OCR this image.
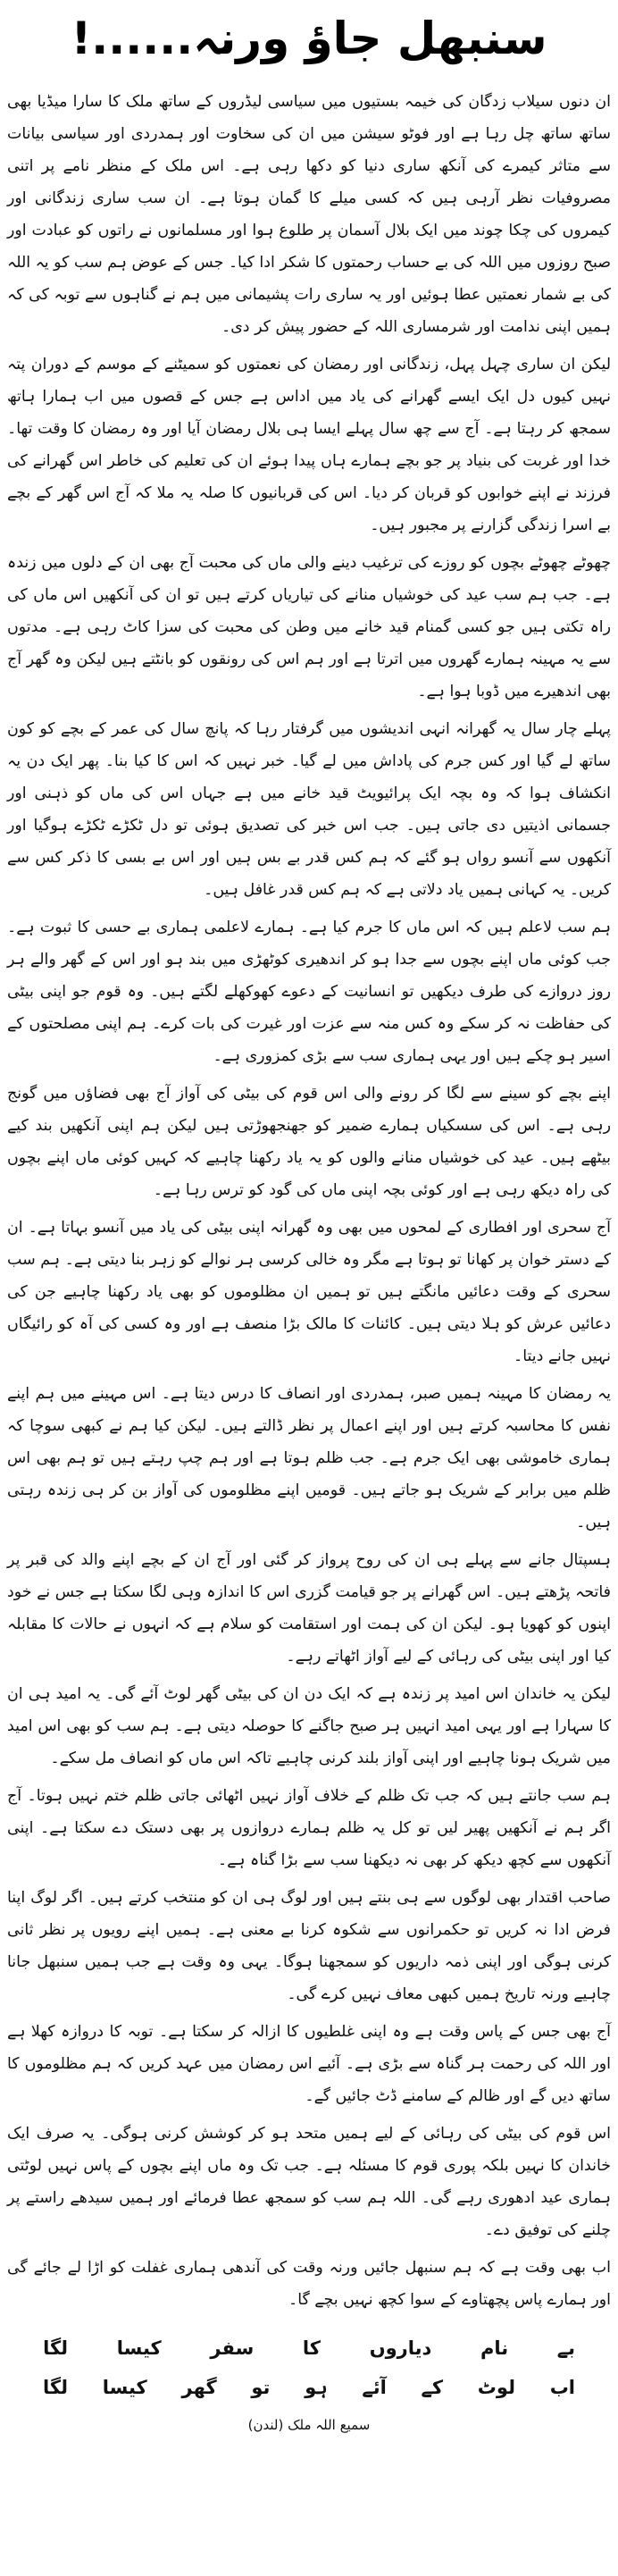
سنبھل جاؤ ورنہ......!

ان دنوں سیلاب زدگان کی خیمہ بستیوں میں سیاسی لیڈروں کے ساتھ ملک کا سارا میڈیا بھی ساتھ ساتھ چل رہا ہے اور فوٹو سیشن میں ان کی سخاوت اور ہمدردی اور سیاسی بیانات سے متاثر کیمرے کی آنکھ ساری دنیا کو دکھا رہی ہے۔ اس ملک کے منظر نامے پر اتنی مصروفیات نظر آرہی ہیں کہ کسی میلے کا گمان ہوتا ہے۔ ان سب ساری زندگانی اور کیمروں کی چکا چوند میں ایک بلال آسمان پر طلوع ہوا اور مسلمانوں نے راتوں کو عبادت اور صبح روزوں میں اللہ کی بے حساب رحمتوں کا شکر ادا کیا۔ جس کے عوض ہم سب کو یہ اللہ کی بے شمار نعمتیں عطا ہوئیں اور یہ ساری رات پشیمانی میں ہم نے گناہوں سے توبہ کی کہ ہمیں اپنی ندامت اور شرمساری اللہ کے حضور پیش کر دی۔

لیکن ان ساری چہل پہل، زندگانی اور رمضان کی نعمتوں کو سمیٹنے کے موسم کے دوران پتہ نہیں کیوں دل ایک ایسے گھرانے کی یاد میں اداس ہے جس کے قصوں میں اب ہمارا ہاتھ سمجھ کر رہتا ہے۔ آج سے چھ سال پہلے ایسا ہی بلال رمضان آیا اور وہ رمضان کا وقت تھا۔ خدا اور غربت کی بنیاد پر جو بچے ہمارے ہاں پیدا ہوئے ان کی تعلیم کی خاطر اس گھرانے کی فرزند نے اپنے خوابوں کو قربان کر دیا۔ اس کی قربانیوں کا صلہ یہ ملا کہ آج اس گھر کے بچے بے اسرا زندگی گزارنے پر مجبور ہیں۔

چھوٹے چھوٹے بچوں کو روزے کی ترغیب دینے والی ماں کی محبت آج بھی ان کے دلوں میں زندہ ہے۔ جب ہم سب عید کی خوشیاں منانے کی تیاریاں کرتے ہیں تو ان کی آنکھیں اس ماں کی راہ تکتی ہیں جو کسی گمنام قید خانے میں وطن کی محبت کی سزا کاٹ رہی ہے۔ مدتوں سے یہ مہینہ ہمارے گھروں میں اترتا ہے اور ہم اس کی رونقوں کو بانٹتے ہیں لیکن وہ گھر آج بھی اندھیرے میں ڈوبا ہوا ہے۔

پہلے چار سال یہ گھرانہ انہی اندیشوں میں گرفتار رہا کہ پانچ سال کی عمر کے بچے کو کون ساتھ لے گیا اور کس جرم کی پاداش میں لے گیا۔ خبر نہیں کہ اس کا کیا بنا۔ پھر ایک دن یہ انکشاف ہوا کہ وہ بچہ ایک پرائیویٹ قید خانے میں ہے جہاں اس کی ماں کو ذہنی اور جسمانی اذیتیں دی جاتی ہیں۔ جب اس خبر کی تصدیق ہوئی تو دل ٹکڑے ٹکڑے ہوگیا اور آنکھوں سے آنسو رواں ہو گئے کہ ہم کس قدر بے بس ہیں اور اس بے بسی کا ذکر کس سے کریں۔ یہ کہانی ہمیں یاد دلاتی ہے کہ ہم کس قدر غافل ہیں۔

ہم سب لاعلم ہیں کہ اس ماں کا جرم کیا ہے۔ ہمارے لاعلمی ہماری بے حسی کا ثبوت ہے۔ جب کوئی ماں اپنے بچوں سے جدا ہو کر اندھیری کوٹھڑی میں بند ہو اور اس کے گھر والے ہر روز دروازے کی طرف دیکھیں تو انسانیت کے دعوے کھوکھلے لگتے ہیں۔ وہ قوم جو اپنی بیٹی کی حفاظت نہ کر سکے وہ کس منہ سے عزت اور غیرت کی بات کرے۔ ہم اپنی مصلحتوں کے اسیر ہو چکے ہیں اور یہی ہماری سب سے بڑی کمزوری ہے۔

اپنے بچے کو سینے سے لگا کر رونے والی اس قوم کی بیٹی کی آواز آج بھی فضاؤں میں گونج رہی ہے۔ اس کی سسکیاں ہمارے ضمیر کو جھنجھوڑتی ہیں لیکن ہم اپنی آنکھیں بند کیے بیٹھے ہیں۔ عید کی خوشیاں منانے والوں کو یہ یاد رکھنا چاہیے کہ کہیں کوئی ماں اپنے بچوں کی راہ دیکھ رہی ہے اور کوئی بچہ اپنی ماں کی گود کو ترس رہا ہے۔

آج سحری اور افطاری کے لمحوں میں بھی وہ گھرانہ اپنی بیٹی کی یاد میں آنسو بہاتا ہے۔ ان کے دستر خوان پر کھانا تو ہوتا ہے مگر وہ خالی کرسی ہر نوالے کو زہر بنا دیتی ہے۔ ہم سب سحری کے وقت دعائیں مانگتے ہیں تو ہمیں ان مظلوموں کو بھی یاد رکھنا چاہیے جن کی دعائیں عرش کو ہلا دیتی ہیں۔ کائنات کا مالک بڑا منصف ہے اور وہ کسی کی آہ کو رائیگاں نہیں جانے دیتا۔

یہ رمضان کا مہینہ ہمیں صبر، ہمدردی اور انصاف کا درس دیتا ہے۔ اس مہینے میں ہم اپنے نفس کا محاسبہ کرتے ہیں اور اپنے اعمال پر نظر ڈالتے ہیں۔ لیکن کیا ہم نے کبھی سوچا کہ ہماری خاموشی بھی ایک جرم ہے۔ جب ظلم ہوتا ہے اور ہم چپ رہتے ہیں تو ہم بھی اس ظلم میں برابر کے شریک ہو جاتے ہیں۔ قومیں اپنے مظلوموں کی آواز بن کر ہی زندہ رہتی ہیں۔

ہسپتال جانے سے پہلے ہی ان کی روح پرواز کر گئی اور آج ان کے بچے اپنے والد کی قبر پر فاتحہ پڑھتے ہیں۔ اس گھرانے پر جو قیامت گزری اس کا اندازہ وہی لگا سکتا ہے جس نے خود اپنوں کو کھویا ہو۔ لیکن ان کی ہمت اور استقامت کو سلام ہے کہ انہوں نے حالات کا مقابلہ کیا اور اپنی بیٹی کی رہائی کے لیے آواز اٹھاتے رہے۔

لیکن یہ خاندان اس امید پر زندہ ہے کہ ایک دن ان کی بیٹی گھر لوٹ آئے گی۔ یہ امید ہی ان کا سہارا ہے اور یہی امید انہیں ہر صبح جاگنے کا حوصلہ دیتی ہے۔ ہم سب کو بھی اس امید میں شریک ہونا چاہیے اور اپنی آواز بلند کرنی چاہیے تاکہ اس ماں کو انصاف مل سکے۔

ہم سب جانتے ہیں کہ جب تک ظلم کے خلاف آواز نہیں اٹھائی جاتی ظلم ختم نہیں ہوتا۔ آج اگر ہم نے آنکھیں پھیر لیں تو کل یہ ظلم ہمارے دروازوں پر بھی دستک دے سکتا ہے۔ اپنی آنکھوں سے کچھ دیکھ کر بھی نہ دیکھنا سب سے بڑا گناہ ہے۔

صاحب اقتدار بھی لوگوں سے ہی بنتے ہیں اور لوگ ہی ان کو منتخب کرتے ہیں۔ اگر لوگ اپنا فرض ادا نہ کریں تو حکمرانوں سے شکوہ کرنا بے معنی ہے۔ ہمیں اپنے رویوں پر نظر ثانی کرنی ہوگی اور اپنی ذمہ داریوں کو سمجھنا ہوگا۔ یہی وہ وقت ہے جب ہمیں سنبھل جانا چاہیے ورنہ تاریخ ہمیں کبھی معاف نہیں کرے گی۔

آج بھی جس کے پاس وقت ہے وہ اپنی غلطیوں کا ازالہ کر سکتا ہے۔ توبہ کا دروازہ کھلا ہے اور اللہ کی رحمت ہر گناہ سے بڑی ہے۔ آئیے اس رمضان میں عہد کریں کہ ہم مظلوموں کا ساتھ دیں گے اور ظالم کے سامنے ڈٹ جائیں گے۔

اس قوم کی بیٹی کی رہائی کے لیے ہمیں متحد ہو کر کوشش کرنی ہوگی۔ یہ صرف ایک خاندان کا نہیں بلکہ پوری قوم کا مسئلہ ہے۔ جب تک وہ ماں اپنے بچوں کے پاس نہیں لوٹتی ہماری عید ادھوری رہے گی۔ اللہ ہم سب کو سمجھ عطا فرمائے اور ہمیں سیدھے راستے پر چلنے کی توفیق دے۔

اب بھی وقت ہے کہ ہم سنبھل جائیں ورنہ وقت کی آندھی ہماری غفلت کو اڑا لے جائے گی اور ہمارے پاس پچھتاوے کے سوا کچھ نہیں بچے گا۔

بے
نام
دیاروں
کا
سفر
کیسا
لگا
اب
لوٹ
کے
آئے
ہو
تو
گھر
کیسا
لگا
سمیع اللہ ملک (لندن)
